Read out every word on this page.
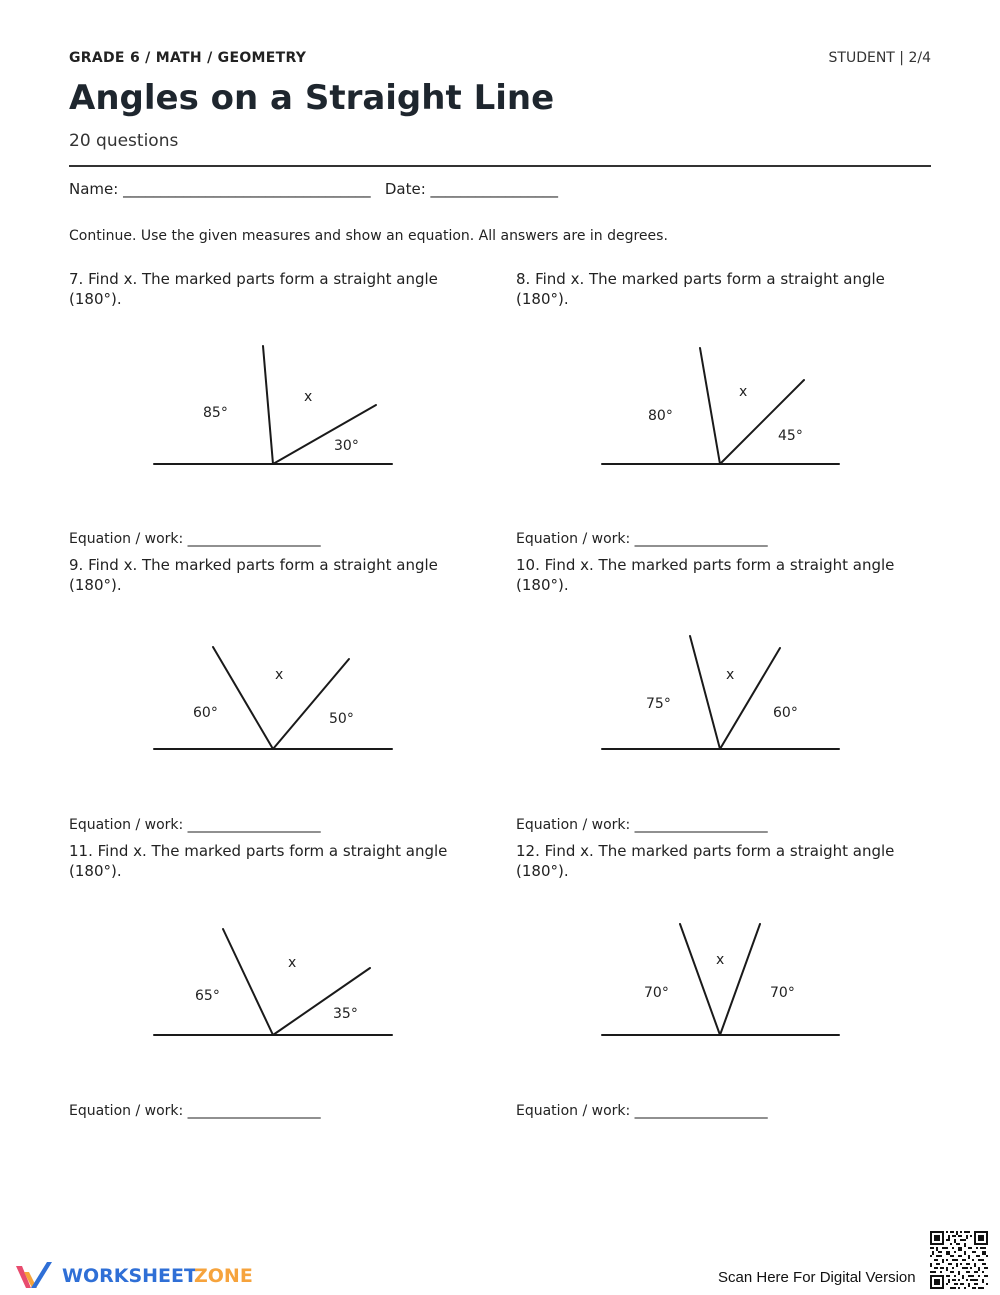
GRADE 6 / MATH / GEOMETRY	STUDENT | 2/4
Angles on a Straight Line
20 questions
Name: _________________________________   Date: _________________
Continue. Use the given measures and show an equation. All answers are in degrees.
7. Find x. The marked parts form a straight angle (180°).
85°
x
30°
Equation / work: ___________________
8. Find x. The marked parts form a straight angle (180°).
80°
x
45°
Equation / work: ___________________
9. Find x. The marked parts form a straight angle (180°).
60°
x
50°
Equation / work: ___________________
10. Find x. The marked parts form a straight angle (180°).
75°
x
60°
Equation / work: ___________________
11. Find x. The marked parts form a straight angle (180°).
65°
x
35°
Equation / work: ___________________
12. Find x. The marked parts form a straight angle (180°).
70°
x
70°
Equation / work: ___________________
WORKSHEET
ZONE	Scan Here For Digital Version
